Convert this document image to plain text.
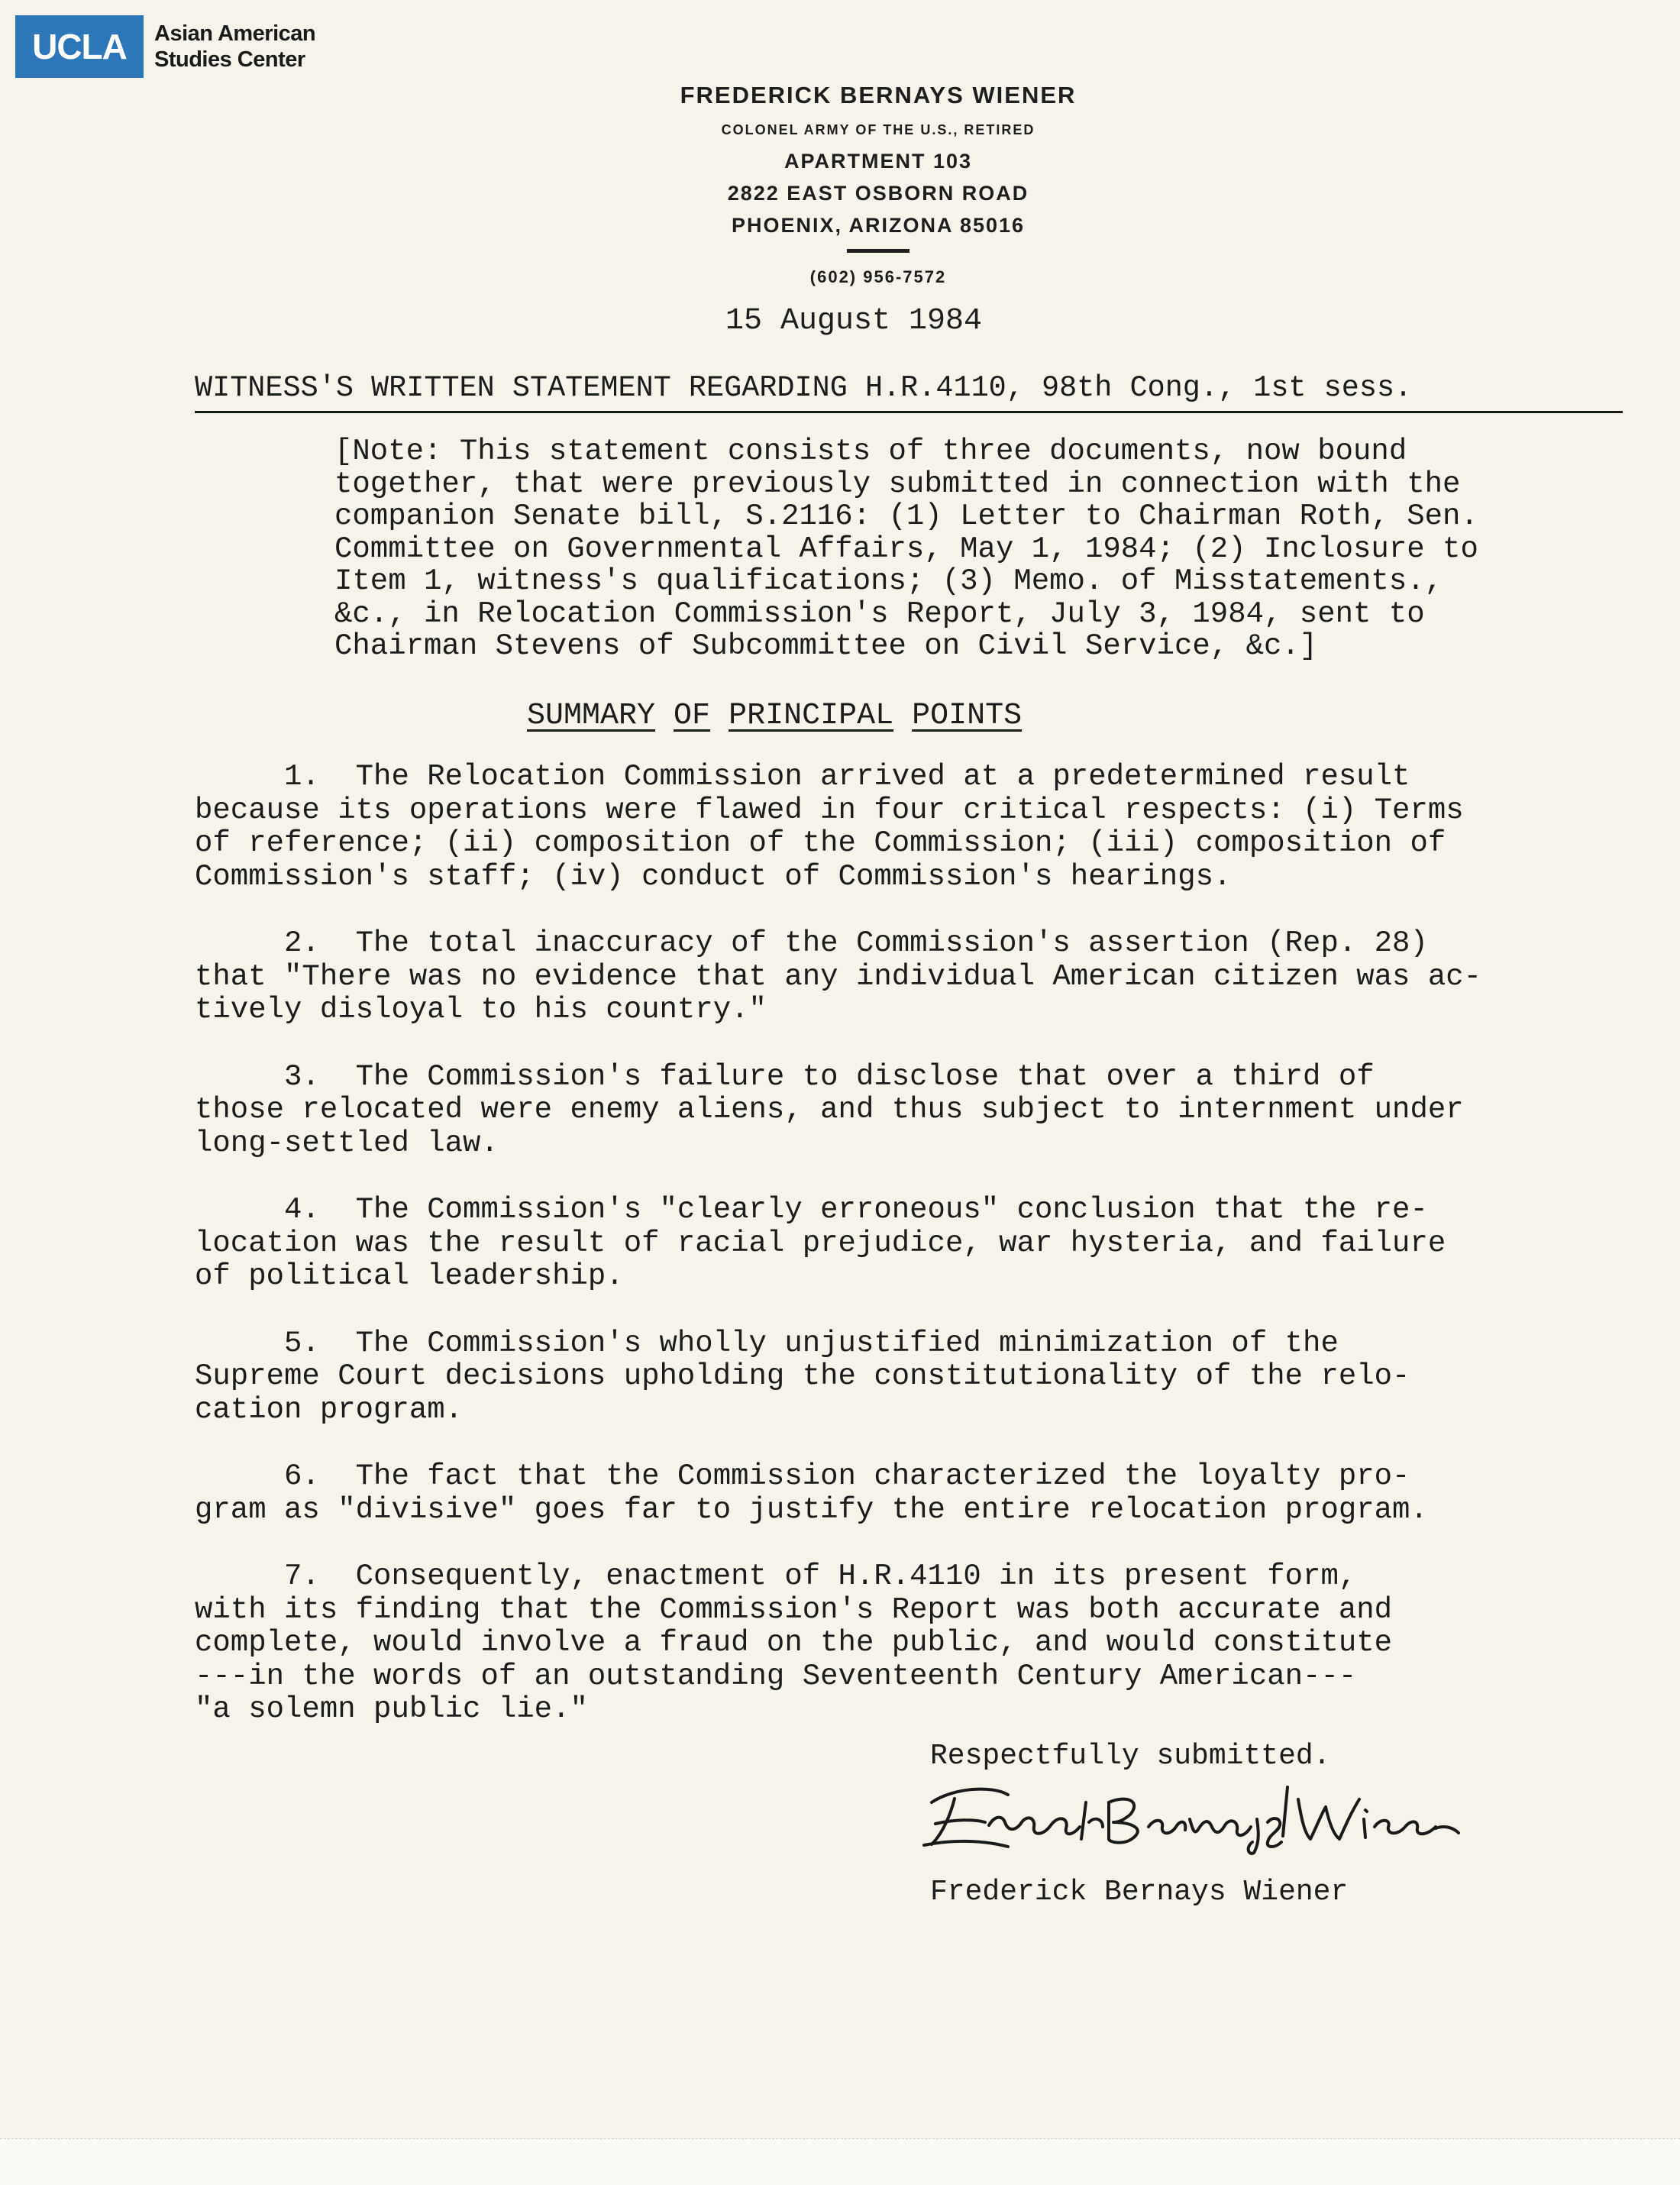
UCLA	Asian American
Studies Center
FREDERICK BERNAYS WIENER
COLONEL ARMY OF THE U.S., RETIRED
APARTMENT 103
2822 EAST OSBORN ROAD
PHOENIX, ARIZONA 85016
(602) 956-7572
15 August 1984
WITNESS'S WRITTEN STATEMENT REGARDING H.R.4110, 98th Cong., 1st sess.
[Note: This statement consists of three documents, now bound
together, that were previously submitted in connection with the
companion Senate bill, S.2116: (1) Letter to Chairman Roth, Sen.
Committee on Governmental Affairs, May 1, 1984; (2) Inclosure to
Item 1, witness's qualifications; (3) Memo. of Misstatements.,
&c., in Relocation Commission's Report, July 3, 1984, sent to
Chairman Stevens of Subcommittee on Civil Service, &c.]
SUMMARY OF PRINCIPAL POINTS
1.  The Relocation Commission arrived at a predetermined result
because its operations were flawed in four critical respects: (i) Terms
of reference; (ii) composition of the Commission; (iii) composition of
Commission's staff; (iv) conduct of Commission's hearings.
2.  The total inaccuracy of the Commission's assertion (Rep. 28)
that "There was no evidence that any individual American citizen was ac-
tively disloyal to his country."
3.  The Commission's failure to disclose that over a third of
those relocated were enemy aliens, and thus subject to internment under
long-settled law.
4.  The Commission's "clearly erroneous" conclusion that the re-
location was the result of racial prejudice, war hysteria, and failure
of political leadership.
5.  The Commission's wholly unjustified minimization of the
Supreme Court decisions upholding the constitutionality of the relo-
cation program.
6.  The fact that the Commission characterized the loyalty pro-
gram as "divisive" goes far to justify the entire relocation program.
7.  Consequently, enactment of H.R.4110 in its present form,
with its finding that the Commission's Report was both accurate and
complete, would involve a fraud on the public, and would constitute
---in the words of an outstanding Seventeenth Century American---
"a solemn public lie."
Respectfully submitted.
Frederick Bernays Wiener
